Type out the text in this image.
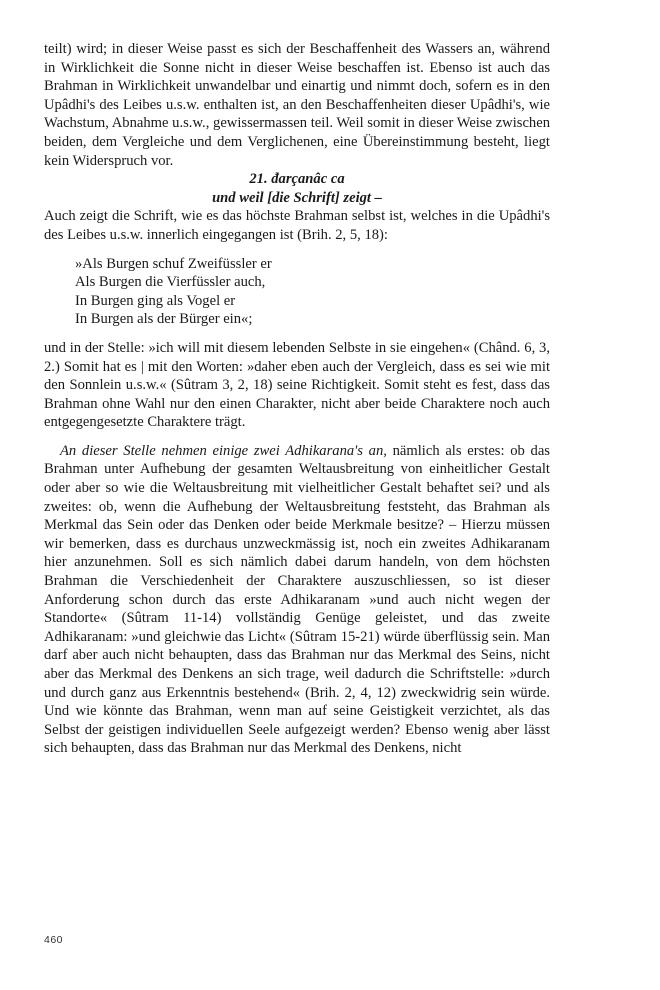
teilt) wird; in dieser Weise passt es sich der Beschaffenheit des Wassers an, während in Wirklichkeit die Sonne nicht in dieser Weise beschaffen ist. Ebenso ist auch das Brahman in Wirklichkeit unwandelbar und einartig und nimmt doch, sofern es in den Upâdhi's des Leibes u.s.w. enthalten ist, an den Beschaffenheiten dieser Upâdhi's, wie Wachstum, Abnahme u.s.w., gewissermassen teil. Weil somit in dieser Weise zwischen beiden, dem Vergleiche und dem Verglichenen, eine Übereinstimmung besteht, liegt kein Widerspruch vor.

21. đarçanâc ca

und weil [die Schrift] zeigt –

Auch zeigt die Schrift, wie es das höchste Brahman selbst ist, welches in die Upâdhi's des Leibes u.s.w. innerlich eingegangen ist (Brih. 2, 5, 18):

»Als Burgen schuf Zweifüssler er
Als Burgen die Vierfüssler auch,
In Burgen ging als Vogel er
In Burgen als der Bürger ein«;

und in der Stelle: »ich will mit diesem lebenden Selbste in sie eingehen« (Chând. 6, 3, 2.) Somit hat es | mit den Worten: »daher eben auch der Vergleich, dass es sei wie mit den Sonnlein u.s.w.« (Sûtram 3, 2, 18) seine Richtigkeit. Somit steht es fest, dass das Brahman ohne Wahl nur den einen Charakter, nicht aber beide Charaktere noch auch entgegengesetzte Charaktere trägt.

An dieser Stelle nehmen einige zwei Adhikarana's an, nämlich als erstes: ob das Brahman unter Aufhebung der gesamten Weltausbreitung von einheitlicher Gestalt oder aber so wie die Weltausbreitung mit vielheitlicher Gestalt behaftet sei? und als zweites: ob, wenn die Aufhebung der Weltausbreitung feststeht, das Brahman als Merkmal das Sein oder das Denken oder beide Merkmale besitze? – Hierzu müssen wir bemerken, dass es durchaus unzweckmässig ist, noch ein zweites Adhikaranam hier anzunehmen. Soll es sich nämlich dabei darum handeln, von dem höchsten Brahman die Verschiedenheit der Charaktere auszuschliessen, so ist dieser Anforderung schon durch das erste Adhikaranam »und auch nicht wegen der Standorte« (Sûtram 11-14) vollständig Genüge geleistet, und das zweite Adhikaranam: »und gleichwie das Licht« (Sûtram 15-21) würde überflüssig sein. Man darf aber auch nicht behaupten, dass das Brahman nur das Merkmal des Seins, nicht aber das Merkmal des Denkens an sich trage, weil dadurch die Schriftstelle: »durch und durch ganz aus Erkenntnis bestehend« (Brih. 2, 4, 12) zweckwidrig sein würde. Und wie könnte das Brahman, wenn man auf seine Geistigkeit verzichtet, als das Selbst der geistigen individuellen Seele aufgezeigt werden? Ebenso wenig aber lässt sich behaupten, dass das Brahman nur das Merkmal des Denkens, nicht

460
